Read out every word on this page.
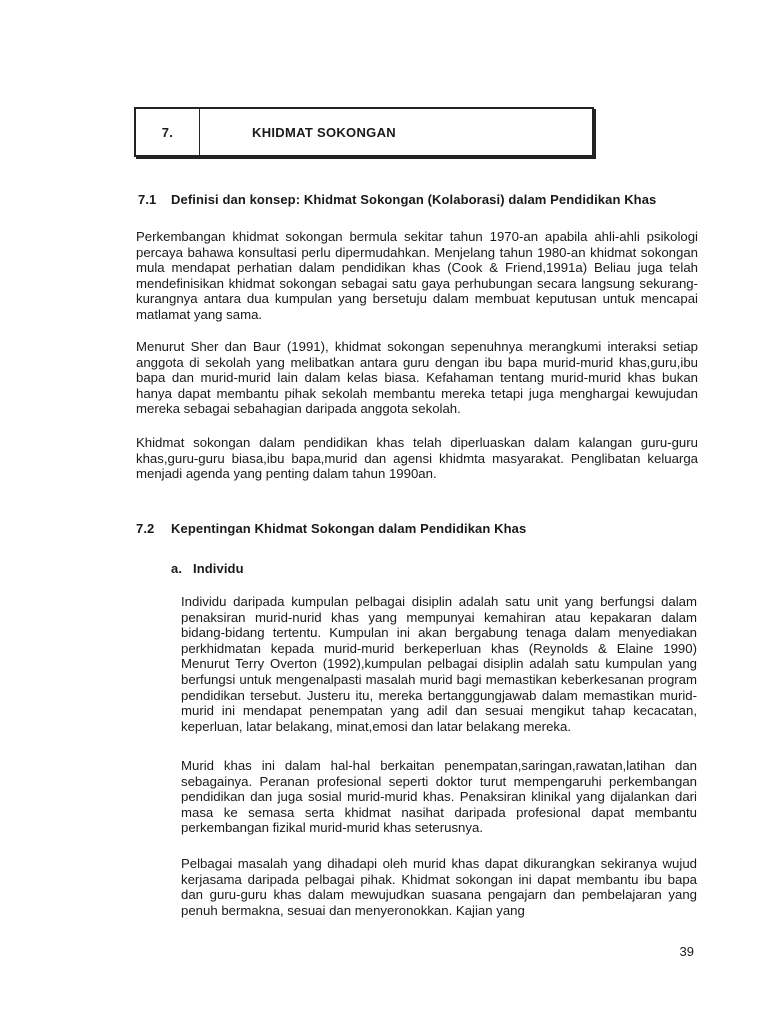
7.	KHIDMAT SOKONGAN
7.1 Definisi dan konsep: Khidmat Sokongan (Kolaborasi) dalam Pendidikan Khas

Perkembangan khidmat sokongan bermula sekitar tahun 1970-an apabila ahli-ahli psikologi percaya bahawa konsultasi perlu dipermudahkan. Menjelang tahun 1980-an khidmat sokongan mula mendapat perhatian dalam pendidikan khas (Cook & Friend,1991a) Beliau juga telah mendefinisikan khidmat sokongan sebagai satu gaya perhubungan secara langsung sekurang-kurangnya antara dua kumpulan yang bersetuju dalam membuat keputusan untuk mencapai matlamat yang sama.

Menurut Sher dan Baur (1991), khidmat sokongan sepenuhnya merangkumi interaksi setiap anggota di sekolah yang melibatkan antara guru dengan ibu bapa murid-murid khas,guru,ibu bapa dan murid-murid lain dalam kelas biasa. Kefahaman tentang murid-murid khas bukan hanya dapat membantu pihak sekolah membantu mereka tetapi juga menghargai kewujudan mereka sebagai sebahagian daripada anggota sekolah.

Khidmat sokongan dalam pendidikan khas telah diperluaskan dalam kalangan guru-guru khas,guru-guru biasa,ibu bapa,murid dan agensi khidmta masyarakat. Penglibatan keluarga menjadi agenda yang penting dalam tahun 1990an.

7.2 Kepentingan Khidmat Sokongan dalam Pendidikan Khas
a. Individu

Individu daripada kumpulan pelbagai disiplin adalah satu unit yang berfungsi dalam penaksiran murid-nurid khas yang mempunyai kemahiran atau kepakaran dalam bidang-bidang tertentu. Kumpulan ini akan bergabung tenaga dalam menyediakan perkhidmatan kepada murid-murid berkeperluan khas (Reynolds & Elaine 1990) Menurut Terry Overton (1992),kumpulan pelbagai disiplin adalah satu kumpulan yang berfungsi untuk mengenalpasti masalah murid bagi memastikan keberkesanan program pendidikan tersebut. Justeru itu, mereka bertanggungjawab dalam memastikan murid-murid ini mendapat penempatan yang adil dan sesuai mengikut tahap kecacatan, keperluan, latar belakang, minat,emosi dan latar belakang mereka.

Murid khas ini dalam hal-hal berkaitan penempatan,saringan,rawatan,latihan dan sebagainya. Peranan profesional seperti doktor turut mempengaruhi perkembangan pendidikan dan juga sosial murid-murid khas. Penaksiran klinikal yang dijalankan dari masa ke semasa serta khidmat nasihat daripada profesional dapat membantu perkembangan fizikal murid-murid khas seterusnya.

Pelbagai masalah yang dihadapi oleh murid khas dapat dikurangkan sekiranya wujud kerjasama daripada pelbagai pihak. Khidmat sokongan ini dapat membantu ibu bapa dan guru-guru khas dalam mewujudkan suasana pengajarn dan pembelajaran yang penuh bermakna, sesuai dan menyeronokkan. Kajian yang

39
